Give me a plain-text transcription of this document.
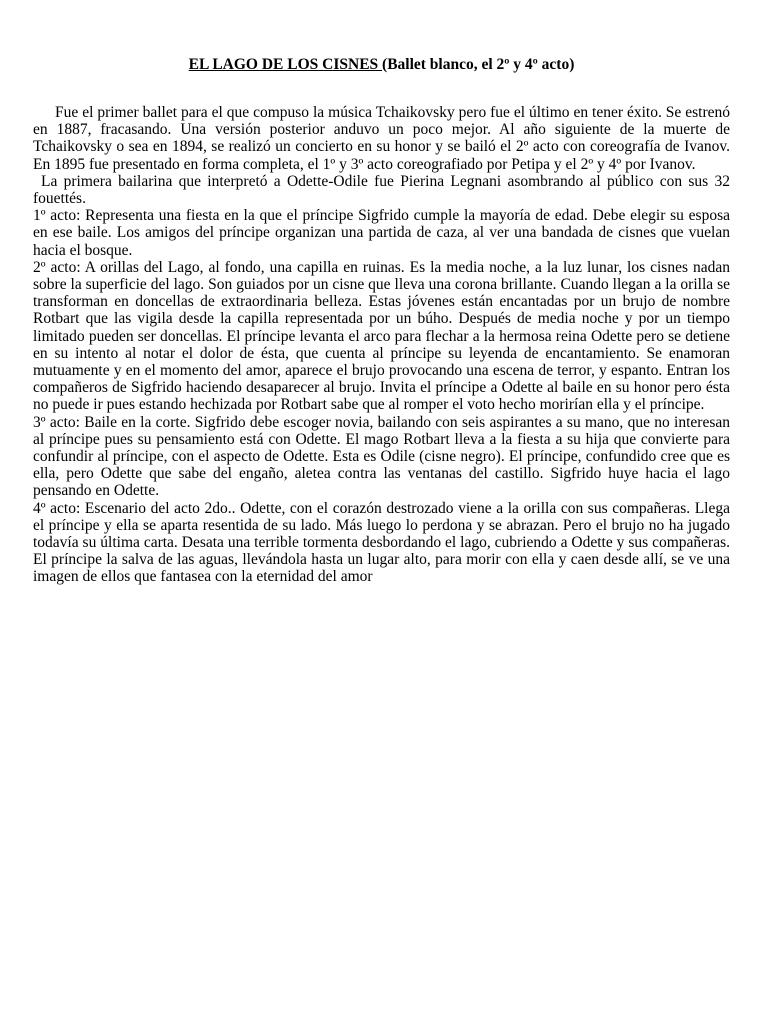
EL LAGO DE LOS CISNES (Ballet blanco, el 2º y 4º acto)

Fue el primer ballet para el que compuso la música Tchaikovsky pero fue el último en tener éxito. Se estrenó en 1887, fracasando. Una versión posterior anduvo un poco mejor. Al año siguiente de la muerte de Tchaikovsky o sea en 1894, se realizó un concierto en su honor y se bailó el 2º acto con coreografía de Ivanov. En 1895 fue presentado en forma completa, el 1º y 3º acto coreografiado por Petipa y el 2º y 4º por Ivanov.

La primera bailarina que interpretó a Odette-Odile fue Pierina Legnani asombrando al público con sus 32 fouettés.

1º acto: Representa una fiesta en la que el príncipe Sigfrido cumple la mayoría de edad. Debe elegir su esposa en ese baile. Los amigos del príncipe organizan una partida de caza, al ver una bandada de cisnes que vuelan hacia el bosque.

2º acto: A orillas del Lago, al fondo, una capilla en ruinas. Es la media noche, a la luz lunar, los cisnes nadan sobre la superficie del lago. Son guiados por un cisne que lleva una corona brillante. Cuando llegan a la orilla se transforman en doncellas de extraordinaria belleza. Estas jóvenes están encantadas por un brujo de nombre Rotbart que las vigila desde la capilla representada por un búho. Después de media noche y por un tiempo limitado pueden ser doncellas. El príncipe levanta el arco para flechar a la hermosa reina Odette pero se detiene en su intento al notar el dolor de ésta, que cuenta al príncipe su leyenda de encantamiento. Se enamoran mutuamente y en el momento del amor, aparece el brujo provocando una escena de terror, y espanto. Entran los compañeros de Sigfrido haciendo desaparecer al brujo. Invita el príncipe a Odette al baile en su honor pero ésta no puede ir pues estando hechizada por Rotbart sabe que al romper el voto hecho morirían ella y el príncipe.

3º acto: Baile en la corte. Sigfrido debe escoger novia, bailando con seis aspirantes a su mano, que no interesan al príncipe pues su pensamiento está con Odette. El mago Rotbart lleva a la fiesta a su hija que convierte para confundir al príncipe, con el aspecto de Odette. Esta es Odile (cisne negro). El príncipe, confundido cree que es ella, pero Odette que sabe del engaño, aletea contra las ventanas del castillo. Sigfrido huye hacia el lago pensando en Odette.

4º acto: Escenario del acto 2do.. Odette, con el corazón destrozado viene a la orilla con sus compañeras. Llega el príncipe y ella se aparta resentida de su lado. Más luego lo perdona y se abrazan. Pero el brujo no ha jugado todavía su última carta. Desata una terrible tormenta desbordando el lago, cubriendo a Odette y sus compañeras. El príncipe la salva de las aguas, llevándola hasta un lugar alto, para morir con ella y caen desde allí, se ve una imagen de ellos que fantasea con la eternidad del amor
